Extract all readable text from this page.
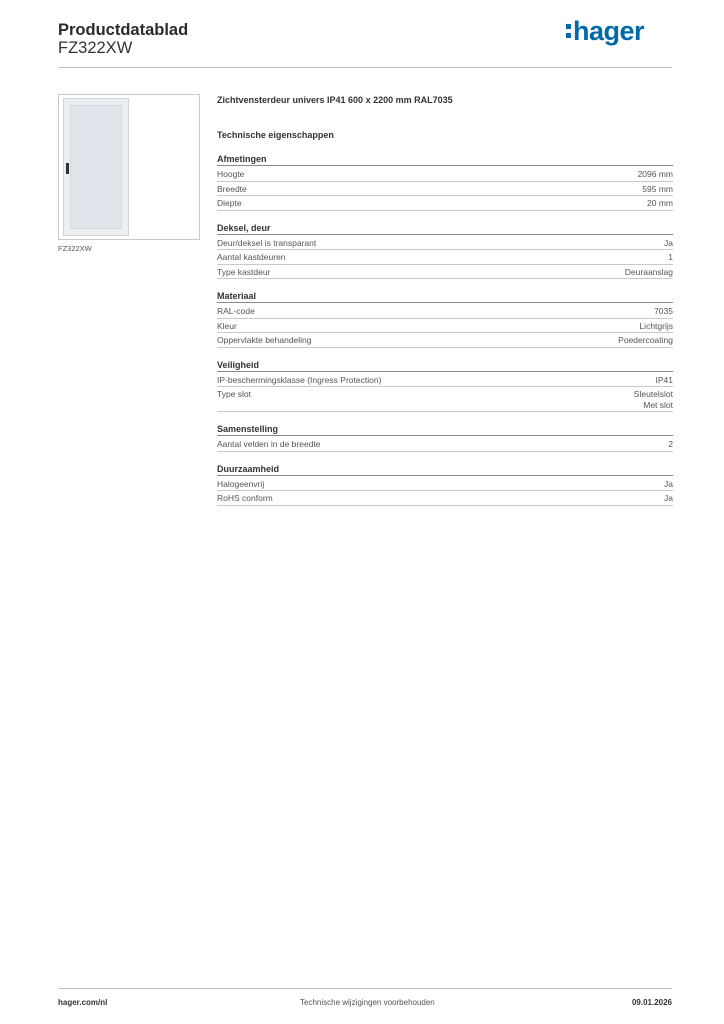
Productdatablad
FZ322XW
hager
FZ322XW
Zichtvensterdeur univers IP41 600 x 2200 mm RAL7035
Technische eigenschappen
Afmetingen
Hoogte	2096 mm
Breedte	595 mm
Diepte	20 mm
Deksel, deur
Deur/deksel is transparant	Ja
Aantal kastdeuren	1
Type kastdeur	Deuraanslag
Materiaal
RAL-code	7035
Kleur	Lichtgrijs
Oppervlakte behandeling	Poedercoating
Veiligheid
IP-beschermingsklasse (Ingress Protection)	IP41
Type slot	Sleutelslot
Met slot
Samenstelling
Aantal velden in de breedte	2
Duurzaamheid
Halogeenvrij	Ja
RoHS conform	Ja
hager.com/nl	Technische wijzigingen voorbehouden	09.01.2026
